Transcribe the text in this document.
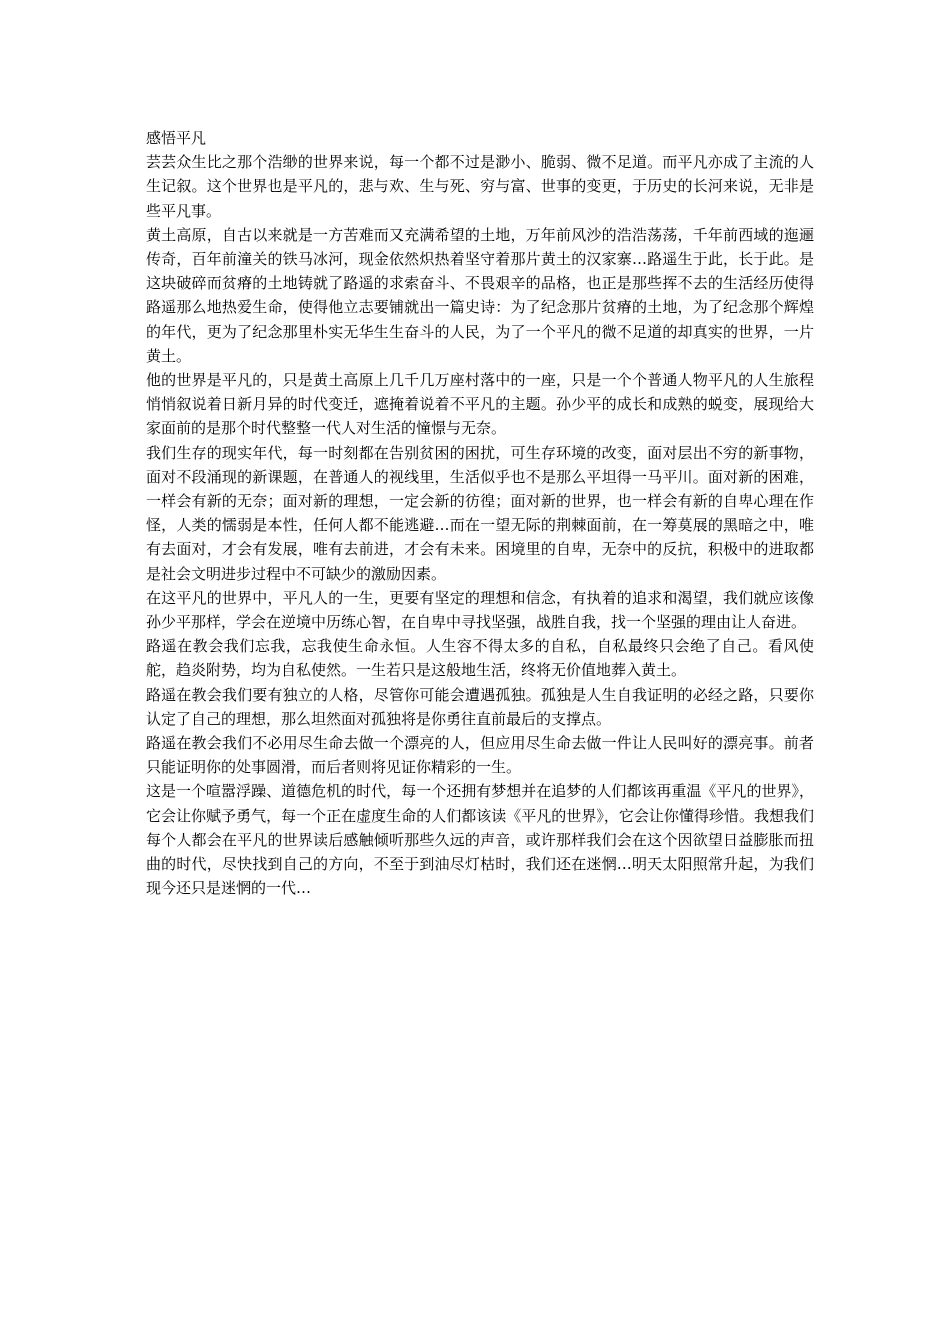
感悟平凡

芸芸众生比之那个浩缈的世界来说，每一个都不过是渺小、脆弱、微不足道。而平凡亦成了主流的人生记叙。这个世界也是平凡的，悲与欢、生与死、穷与富、世事的变更，于历史的长河来说，无非是些平凡事。

黄土高原，自古以来就是一方苦难而又充满希望的土地，万年前风沙的浩浩荡荡，千年前西域的迤逦传奇，百年前潼关的铁马冰河，现金依然炽热着坚守着那片黄土的汉家寨…路遥生于此，长于此。是这块破碎而贫瘠的土地铸就了路遥的求索奋斗、不畏艰辛的品格，也正是那些挥不去的生活经历使得路遥那么地热爱生命，使得他立志要铺就出一篇史诗：为了纪念那片贫瘠的土地，为了纪念那个辉煌的年代，更为了纪念那里朴实无华生生奋斗的人民，为了一个平凡的微不足道的却真实的世界，一片黄土。

他的世界是平凡的，只是黄土高原上几千几万座村落中的一座，只是一个个普通人物平凡的人生旅程悄悄叙说着日新月异的时代变迁，遮掩着说着不平凡的主题。孙少平的成长和成熟的蜕变，展现给大家面前的是那个时代整整一代人对生活的憧憬与无奈。

我们生存的现实年代，每一时刻都在告别贫困的困扰，可生存环境的改变，面对层出不穷的新事物，面对不段涌现的新课题，在普通人的视线里，生活似乎也不是那么平坦得一马平川。面对新的困难，一样会有新的无奈；面对新的理想，一定会新的彷徨；面对新的世界，也一样会有新的自卑心理在作怪，人类的懦弱是本性，任何人都不能逃避…而在一望无际的荆棘面前，在一筹莫展的黑暗之中，唯有去面对，才会有发展，唯有去前进，才会有未来。困境里的自卑，无奈中的反抗，积极中的进取都是社会文明进步过程中不可缺少的激励因素。

在这平凡的世界中，平凡人的一生，更要有坚定的理想和信念，有执着的追求和渴望，我们就应该像孙少平那样，学会在逆境中历练心智，在自卑中寻找坚强，战胜自我，找一个坚强的理由让人奋进。

路遥在教会我们忘我，忘我使生命永恒。人生容不得太多的自私，自私最终只会绝了自己。看风使舵，趋炎附势，均为自私使然。一生若只是这般地生活，终将无价值地葬入黄土。

路遥在教会我们要有独立的人格，尽管你可能会遭遇孤独。孤独是人生自我证明的必经之路，只要你认定了自己的理想，那么坦然面对孤独将是你勇往直前最后的支撑点。

路遥在教会我们不必用尽生命去做一个漂亮的人，但应用尽生命去做一件让人民叫好的漂亮事。前者只能证明你的处事圆滑，而后者则将见证你精彩的一生。

这是一个喧嚣浮躁、道德危机的时代，每一个还拥有梦想并在追梦的人们都该再重温《平凡的世界》，它会让你赋予勇气，每一个正在虚度生命的人们都该读《平凡的世界》，它会让你懂得珍惜。我想我们每个人都会在平凡的世界读后感触倾听那些久远的声音，或许那样我们会在这个因欲望日益膨胀而扭曲的时代，尽快找到自己的方向，不至于到油尽灯枯时，我们还在迷惘…明天太阳照常升起，为我们现今还只是迷惘的一代…
